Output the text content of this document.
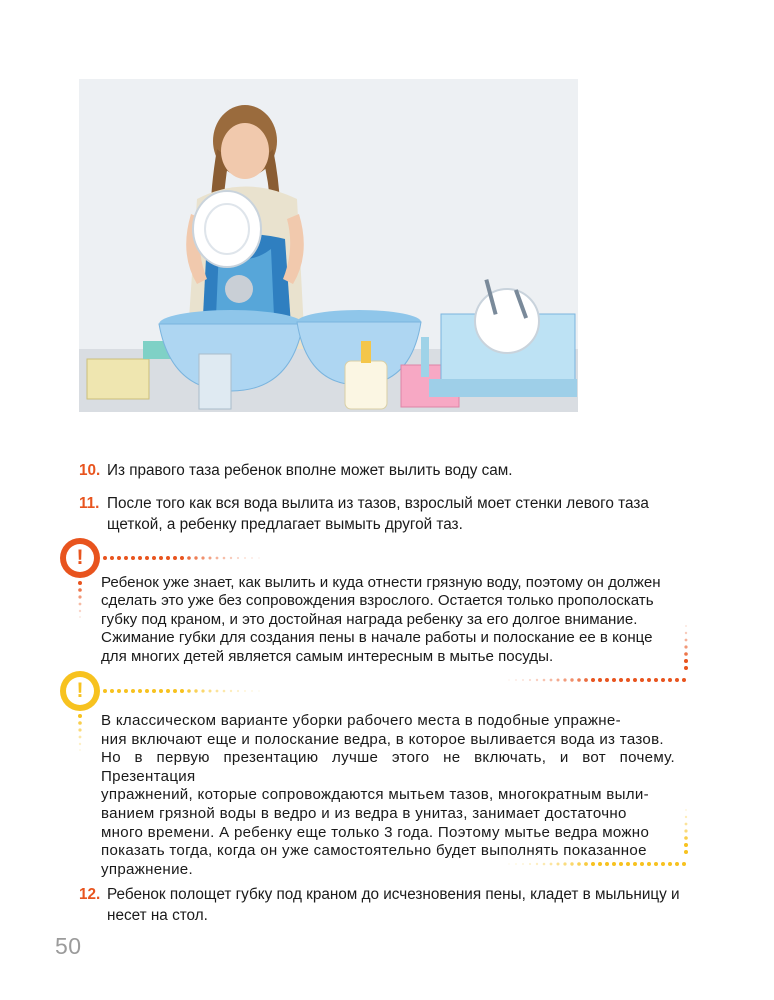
10. Из правого таза ребенок вполне может вылить воду сам.
11. После того как вся вода вылита из тазов, взрослый моет стенки левого таза щеткой, а ребенку предлагает вымыть другой таз.
!
Ребенок уже знает, как вылить и куда отнести грязную воду, поэтому он должен
сделать это уже без сопровождения взрослого. Остается только прополоскать
губку под краном, и это достойная награда ребенку за его долгое внимание.
Сжимание губки для создания пены в начале работы и полоскание ее в конце
для многих детей является самым интересным в мытье посуды.
!
В классическом варианте уборки рабочего места в подобные упражне-
ния включают еще и полоскание ведра, в которое выливается вода из тазов.
Но в первую презентацию лучше этого не включать, и вот почему. Презентация
упражнений, которые сопровождаются мытьем тазов, многократным выли-
ванием грязной воды в ведро и из ведра в унитаз, занимает достаточно
много времени. А ребенку еще только 3 года. Поэтому мытье ведра можно
показать тогда, когда он уже самостоятельно будет выполнять показанное
упражнение.
12. Ребенок полощет губку под краном до исчезновения пены, кладет в мыльницу и несет на стол.
50
